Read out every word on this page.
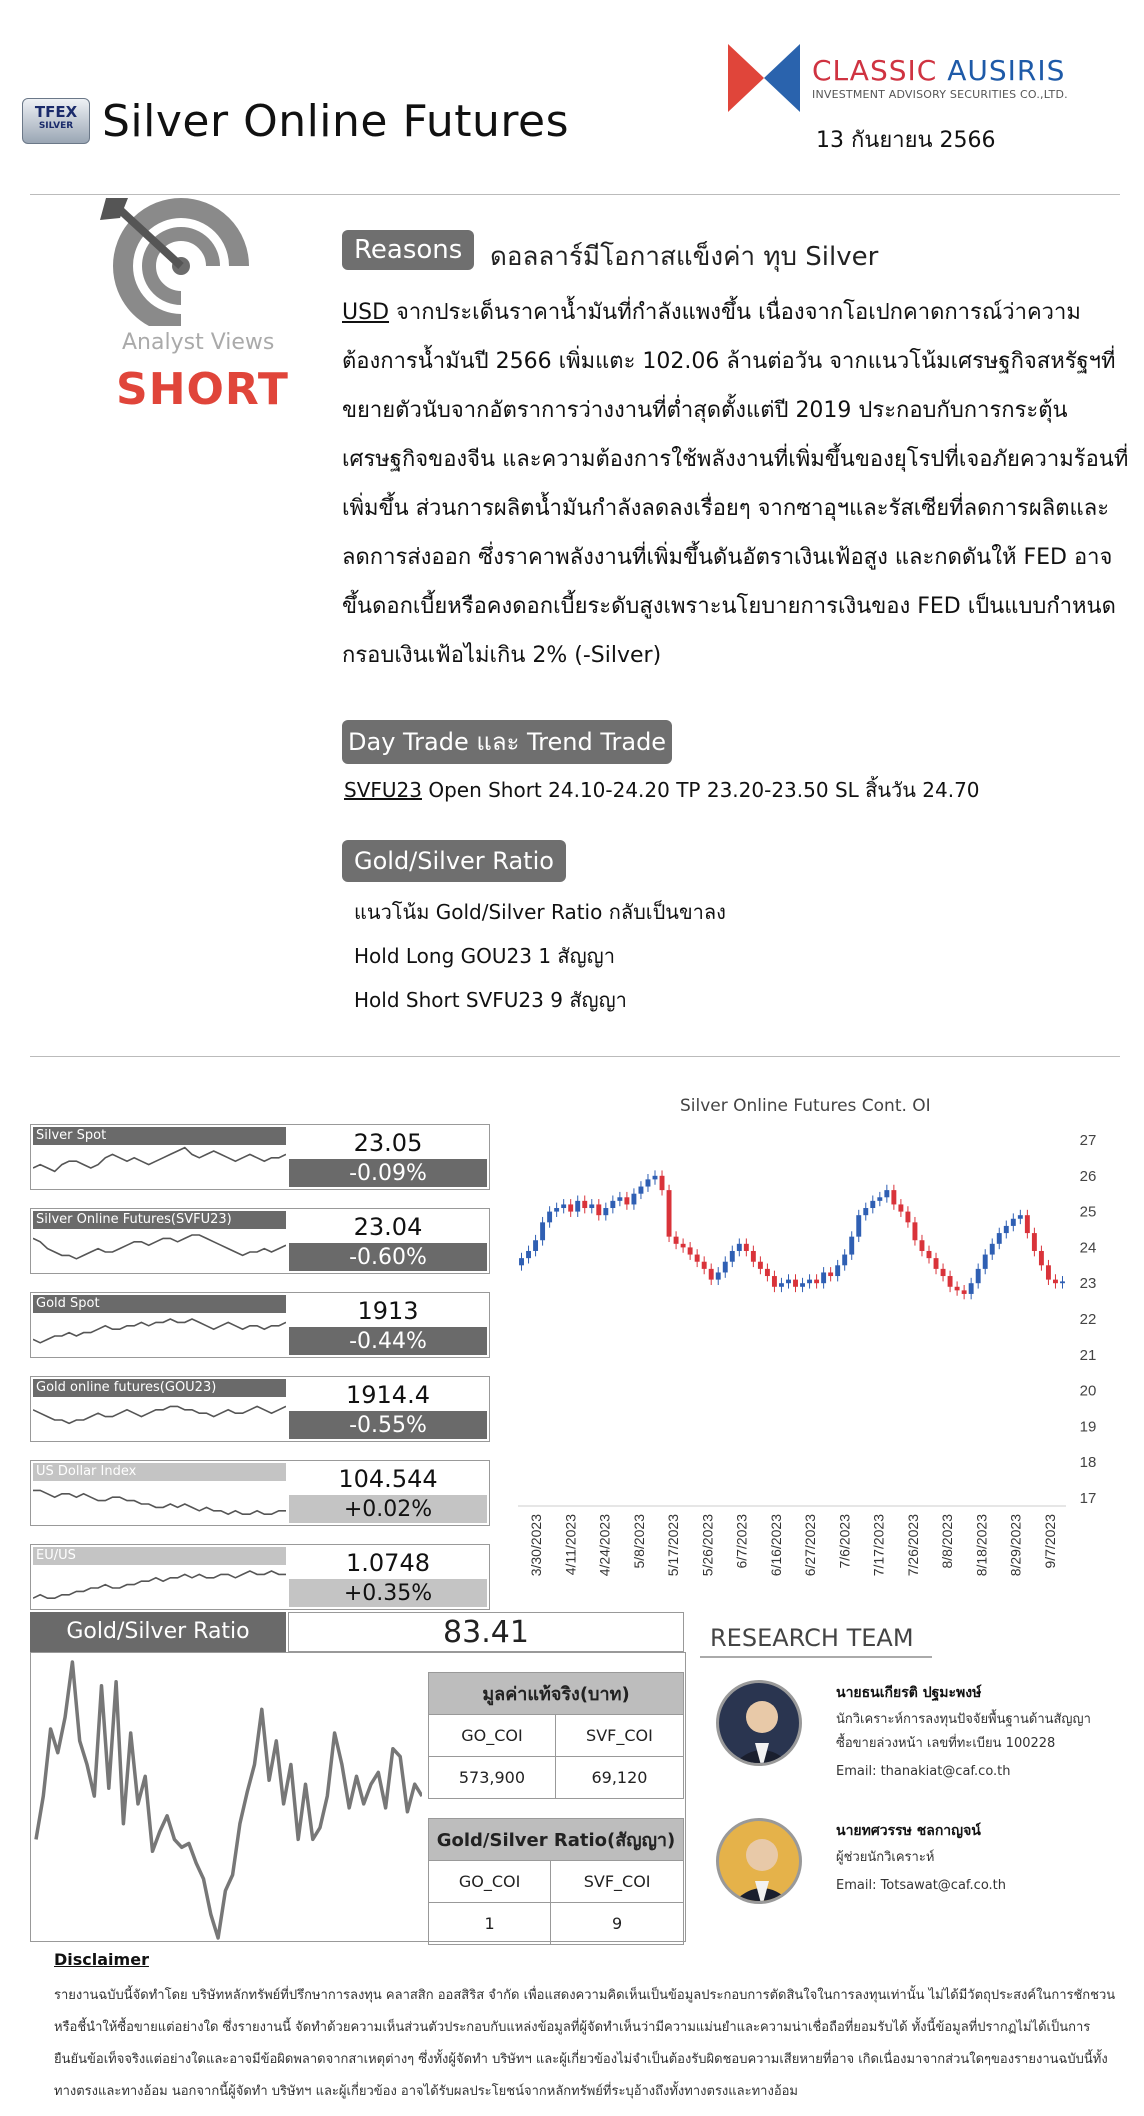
TFEX
SILVER Silver Online Futures
CLASSIC AUSIRIS
INVESTMENT ADVISORY SECURITIES CO.,LTD.
13 กันยายน 2566
Analyst Views
SHORT
Reasons	ดอลลาร์มีโอกาสแข็งค่า ทุบ Silver
USD จากประเด็นราคาน้ำมันที่กำลังแพงขึ้น เนื่องจากโอเปกคาดการณ์ว่าความต้องการน้ำมันปี 2566 เพิ่มแตะ 102.06 ล้านต่อวัน จากแนวโน้มเศรษฐกิจสหรัฐฯที่ขยายตัวนับจากอัตราการว่างงานที่ต่ำสุดตั้งแต่ปี 2019 ประกอบกับการกระตุ้นเศรษฐกิจของจีน และความต้องการใช้พลังงานที่เพิ่มขึ้นของยุโรปที่เจอภัยความร้อนที่เพิ่มขึ้น ส่วนการผลิตน้ำมันกำลังลดลงเรื่อยๆ จากซาอุฯและรัสเซียที่ลดการผลิตและลดการส่งออก ซึ่งราคาพลังงานที่เพิ่มขึ้นดันอัตราเงินเฟ้อสูง และกดดันให้ FED อาจขึ้นดอกเบี้ยหรือคงดอกเบี้ยระดับสูงเพราะนโยบายการเงินของ FED เป็นแบบกำหนดกรอบเงินเฟ้อไม่เกิน 2% (-Silver)
Day Trade และ Trend Trade
SVFU23 Open Short 24.10-24.20 TP 23.20-23.50 SL สิ้นวัน 24.70
Gold/Silver Ratio
แนวโน้ม Gold/Silver Ratio กลับเป็นขาลง
Hold Long GOU23 1 สัญญา
Hold Short SVFU23 9 สัญญา
Silver Spot	23.05
-0.09%
Silver Online Futures(SVFU23)	23.04
-0.60%
Gold Spot	1913
-0.44%
Gold online futures(GOU23)	1914.4
-0.55%
US Dollar Index	104.544
+0.02%
EU/US	1.0748
+0.35%
Silver Online Futures Cont. OI
27
26
25
24
23
22
21
20
19
18
17
3/30/2023 4/11/2023 4/24/2023 5/8/2023 5/17/2023 5/26/2023 6/7/2023 6/16/2023 6/27/2023 7/6/2023 7/17/2023 7/26/2023 8/8/2023 8/18/2023 8/29/2023 9/7/2023
Gold/Silver Ratio	83.41
มูลค่าแท้จริง(บาท)	
GO_COI	SVF_COI
573,900	69,120
Gold/Silver Ratio(สัญญา)	
GO_COI	SVF_COI
1	9
RESEARCH TEAM
นายธนเกียรติ ปฐมะพงษ์
นักวิเคราะห์การลงทุนปัจจัยพื้นฐานด้านสัญญา
ซื้อขายล่วงหน้า เลขที่ทะเบียน 100228
Email: thanakiat@caf.co.th
นายทศวรรษ ชลกาญจน์
ผู้ช่วยนักวิเคราะห์
Email: Totsawat@caf.co.th
Disclaimer
รายงานฉบับนี้จัดทำโดย บริษัทหลักทรัพย์ที่ปรึกษาการลงทุน คลาสสิก ออสสิริส จำกัด เพื่อแสดงความคิดเห็นเป็นข้อมูลประกอบการตัดสินใจในการลงทุนเท่านั้น ไม่ได้มีวัตถุประสงค์ในการชักชวนหรือชี้นำให้ซื้อขายแต่อย่างใด ซึ่งรายงานนี้ จัดทำด้วยความเห็นส่วนตัวประกอบกับแหล่งข้อมูลที่ผู้จัดทำเห็นว่ามีความแม่นยำและความน่าเชื่อถือที่ยอมรับได้ ทั้งนี้ข้อมูลที่ปรากฏไม่ได้เป็นการยืนยันข้อเท็จจริงแต่อย่างใดและอาจมีข้อผิดพลาดจากสาเหตุต่างๆ ซึ่งทั้งผู้จัดทำ บริษัทฯ และผู้เกี่ยวข้องไม่จำเป็นต้องรับผิดชอบความเสียหายที่อาจ เกิดเนื่องมาจากส่วนใดๆของรายงานฉบับนี้ทั้งทางตรงและทางอ้อม นอกจากนี้ผู้จัดทำ บริษัทฯ และผู้เกี่ยวข้อง อาจได้รับผลประโยชน์จากหลักทรัพย์ที่ระบุอ้างถึงทั้งทางตรงและทางอ้อม
